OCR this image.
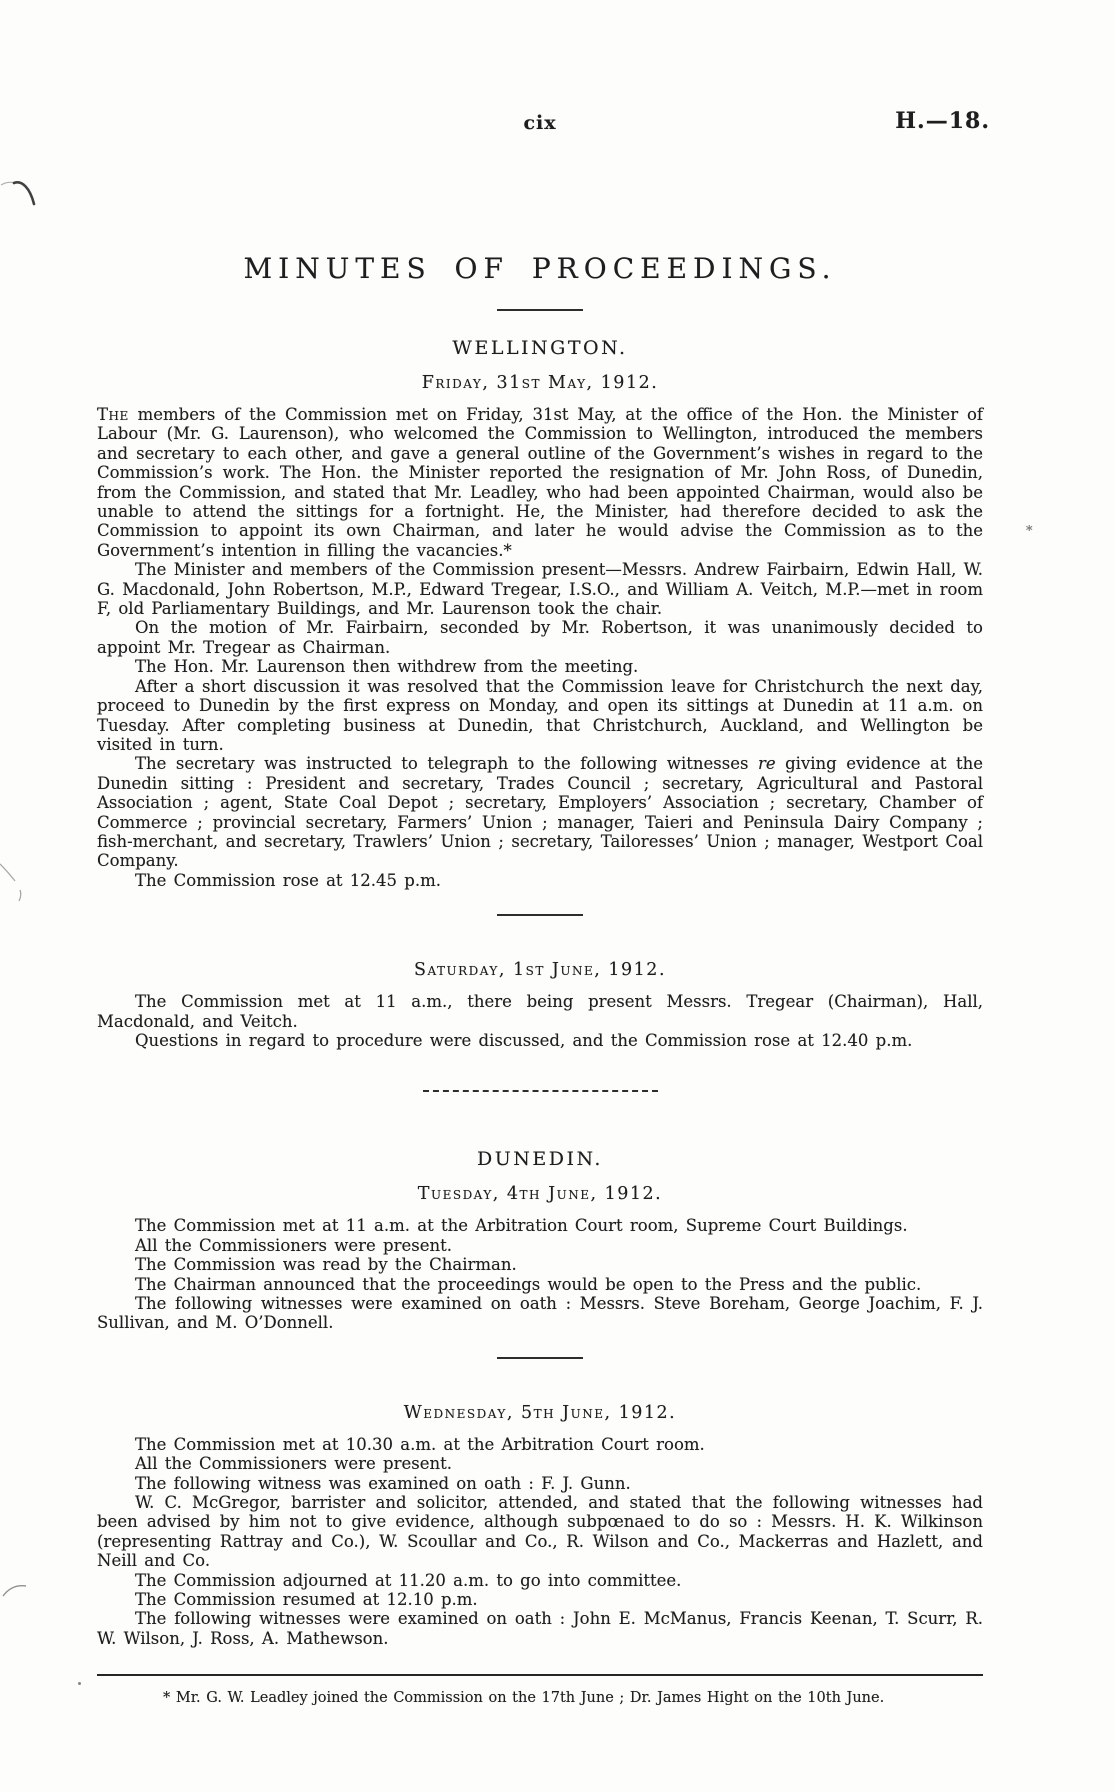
*
cix	H.—18.
MINUTES OF PROCEEDINGS.
WELLINGTON.
Friday, 31st May, 1912.

The members of the Commission met on Friday, 31st May, at the office of the Hon. the Minister of Labour (Mr. G. Laurenson), who welcomed the Commission to Wellington, introduced the members and secretary to each other, and gave a general outline of the Government’s wishes in regard to the Commission’s work. The Hon. the Minister reported the resignation of Mr. John Ross, of Dunedin, from the Commission, and stated that Mr. Leadley, who had been appointed Chairman, would also be unable to attend the sittings for a fortnight. He, the Minister, had therefore decided to ask the Commission to appoint its own Chairman, and later he would advise the Commission as to the Government’s intention in filling the vacancies.*

The Minister and members of the Commission present—Messrs. Andrew Fairbairn, Edwin Hall, W. G. Macdonald, John Robertson, M.P., Edward Tregear, I.S.O., and William A. Veitch, M.P.—met in room F, old Parliamentary Buildings, and Mr. Laurenson took the chair.

On the motion of Mr. Fairbairn, seconded by Mr. Robertson, it was unanimously decided to appoint Mr. Tregear as Chairman.

The Hon. Mr. Laurenson then withdrew from the meeting.

After a short discussion it was resolved that the Commission leave for Christchurch the next day, proceed to Dunedin by the first express on Monday, and open its sittings at Dunedin at 11 a.m. on Tuesday. After completing business at Dunedin, that Christchurch, Auckland, and Wellington be visited in turn.

The secretary was instructed to telegraph to the following witnesses re giving evidence at the Dunedin sitting : President and secretary, Trades Council ; secretary, Agricultural and Pastoral Association ; agent, State Coal Depot ; secretary, Employers’ Association ; secretary, Chamber of Commerce ; provincial secretary, Farmers’ Union ; manager, Taieri and Peninsula Dairy Company ; fish-merchant, and secretary, Trawlers’ Union ; secretary, Tailoresses’ Union ; manager, Westport Coal Company.

The Commission rose at 12.45 p.m.

Saturday, 1st June, 1912.

The Commission met at 11 a.m., there being present Messrs. Tregear (Chairman), Hall, Macdonald, and Veitch.

Questions in regard to procedure were discussed, and the Commission rose at 12.40 p.m.

DUNEDIN.
Tuesday, 4th June, 1912.

The Commission met at 11 a.m. at the Arbitration Court room, Supreme Court Buildings.

All the Commissioners were present.

The Commission was read by the Chairman.

The Chairman announced that the proceedings would be open to the Press and the public.

The following witnesses were examined on oath : Messrs. Steve Boreham, George Joachim, F. J. Sullivan, and M. O’Donnell.

Wednesday, 5th June, 1912.

The Commission met at 10.30 a.m. at the Arbitration Court room.

All the Commissioners were present.

The following witness was examined on oath : F. J. Gunn.

W. C. McGregor, barrister and solicitor, attended, and stated that the following witnesses had been advised by him not to give evidence, although subpœnaed to do so : Messrs. H. K. Wilkinson (representing Rattray and Co.), W. Scoullar and Co., R. Wilson and Co., Mackerras and Hazlett, and Neill and Co.

The Commission adjourned at 11.20 a.m. to go into committee.

The Commission resumed at 12.10 p.m.

The following witnesses were examined on oath : John E. McManus, Francis Keenan, T. Scurr, R. W. Wilson, J. Ross, A. Mathewson.

* Mr. G. W. Leadley joined the Commission on the 17th June ; Dr. James Hight on the 10th June.
